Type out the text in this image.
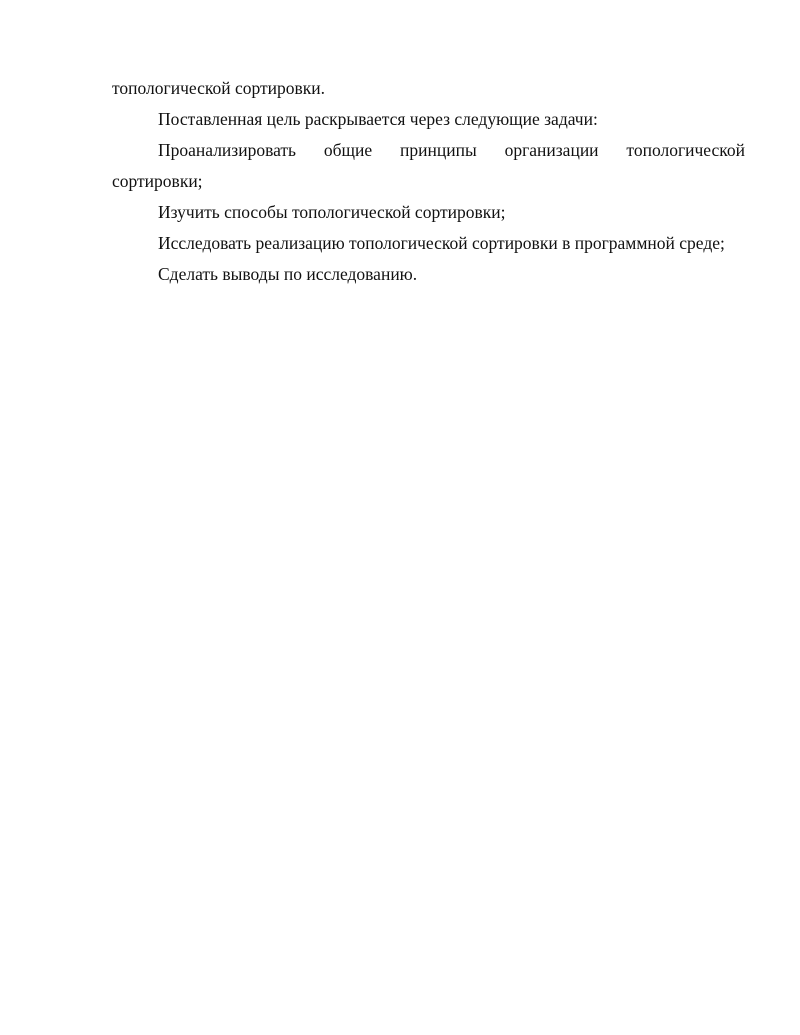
топологической сортировки.

Поставленная цель раскрывается через следующие задачи:

Проанализировать общие принципы организации топологической сортировки;

Изучить способы топологической сортировки;

Исследовать реализацию топологической сортировки в программной среде;

Сделать выводы по исследованию.
